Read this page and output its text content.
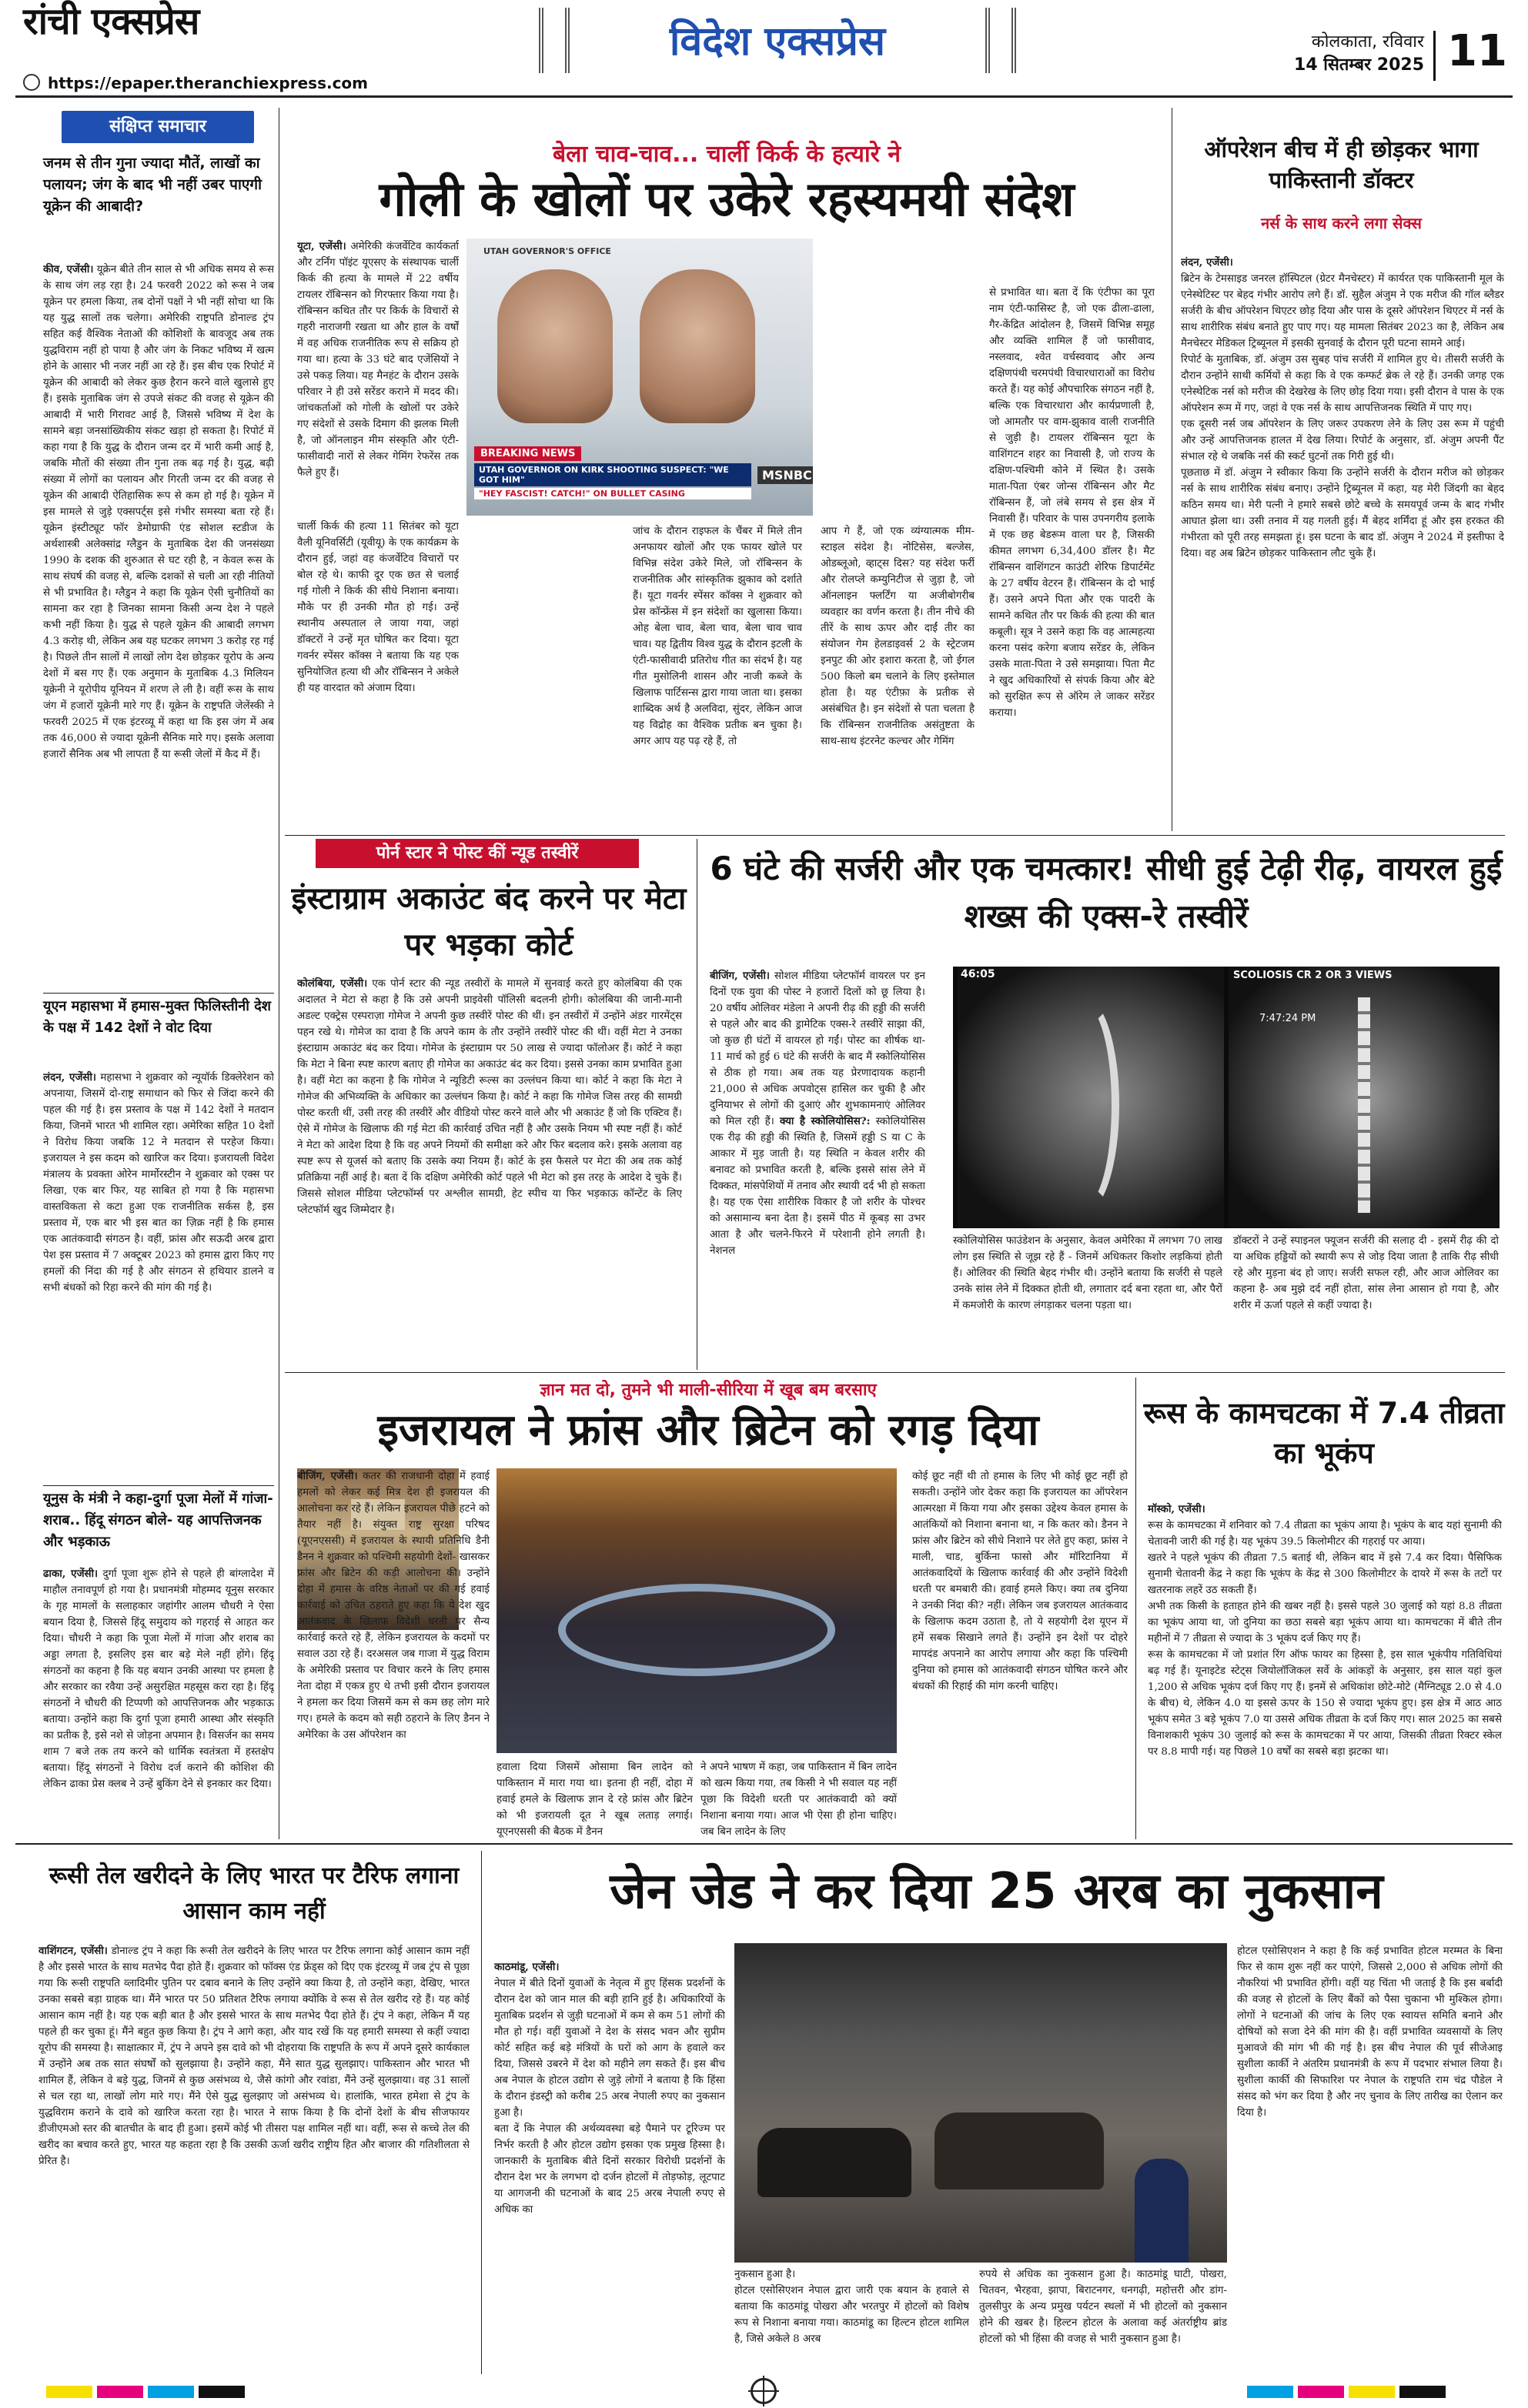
रांची एक्सप्रेस
https://epaper.theranchiexpress.com
विदेश एक्सप्रेस	कोलकाता, रविवार
14 सितम्बर 2025 11
संक्षिप्त समाचार
जनम से तीन गुना ज्यादा मौतें, लाखों का पलायन; जंग के बाद भी नहीं उबर पाएगी यूक्रेन की आबादी?
कीव, एजेंसी। यूक्रेन बीते तीन साल से भी अधिक समय से रूस के साथ जंग लड़ रहा है। 24 फरवरी 2022 को रूस ने जब यूक्रेन पर हमला किया, तब दोनों पक्षों ने भी नहीं सोचा था कि यह युद्ध सालों तक चलेगा। अमेरिकी राष्ट्रपति डोनाल्ड ट्रंप सहित कई वैश्विक नेताओं की कोशिशों के बावजूद अब तक युद्धविराम नहीं हो पाया है और जंग के निकट भविष्य में खत्म होने के आसार भी नजर नहीं आ रहे हैं। इस बीच एक रिपोर्ट में यूक्रेन की आबादी को लेकर कुछ हैरान करने वाले खुलासे हुए हैं। इसके मुताबिक जंग से उपजे संकट की वजह से यूक्रेन की आबादी में भारी गिरावट आई है, जिससे भविष्य में देश के सामने बड़ा जनसांख्यिकीय संकट खड़ा हो सकता है। रिपोर्ट में कहा गया है कि युद्ध के दौरान जन्म दर में भारी कमी आई है, जबकि मौतों की संख्या तीन गुना तक बढ़ गई है। युद्ध, बढ़ी संख्या में लोगों का पलायन और गिरती जन्म दर की वजह से यूक्रेन की आबादी ऐतिहासिक रूप से कम हो गई है। यूक्रेन में इस मामले से जुड़े एक्सपर्ट्स इसे गंभीर समस्या बता रहे हैं। यूक्रेन इंस्टीट्यूट फॉर डेमोग्राफी एंड सोशल स्टडीज के अर्थशास्त्री अलेक्सांद्र ग्लैडुन के मुताबिक देश की जनसंख्या 1990 के दशक की शुरुआत से घट रही है, न केवल रूस के साथ संघर्ष की वजह से, बल्कि दशकों से चली आ रही नीतियों से भी प्रभावित है। ग्लैडुन ने कहा कि यूक्रेन ऐसी चुनौतियों का सामना कर रहा है जिनका सामना किसी अन्य देश ने पहले कभी नहीं किया है। युद्ध से पहले यूक्रेन की आबादी लगभग 4.3 करोड़ थी, लेकिन अब यह घटकर लगभग 3 करोड़ रह गई है। पिछले तीन सालों में लाखों लोग देश छोड़कर यूरोप के अन्य देशों में बस गए हैं। एक अनुमान के मुताबिक 4.3 मिलियन यूक्रेनी ने यूरोपीय यूनियन में शरण ले ली है। वहीं रूस के साथ जंग में हजारों यूक्रेनी मारे गए हैं। यूक्रेन के राष्ट्रपति जेलेंस्की ने फरवरी 2025 में एक इंटरव्यू में कहा था कि इस जंग में अब तक 46,000 से ज्यादा यूक्रेनी सैनिक मारे गए। इसके अलावा हजारों सैनिक अब भी लापता हैं या रूसी जेलों में कैद में हैं।
यूएन महासभा में हमास-मुक्त फिलिस्तीनी देश के पक्ष में 142 देशों ने वोट दिया
लंदन, एजेंसी। महासभा ने शुक्रवार को न्यूयॉर्क डिक्लेरेशन को अपनाया, जिसमें दो-राष्ट्र समाधान को फिर से जिंदा करने की पहल की गई है। इस प्रस्ताव के पक्ष में 142 देशों ने मतदान किया, जिनमें भारत भी शामिल रहा। अमेरिका सहित 10 देशों ने विरोध किया जबकि 12 ने मतदान से परहेज किया। इजरायल ने इस कदम को खारिज कर दिया। इजरायली विदेश मंत्रालय के प्रवक्ता ओरेन मार्मोरस्टीन ने शुक्रवार को एक्स पर लिखा, एक बार फिर, यह साबित हो गया है कि महासभा वास्तविकता से कटा हुआ एक राजनीतिक सर्कस है, इस प्रस्ताव में, एक बार भी इस बात का ज़िक्र नहीं है कि हमास एक आतंकवादी संगठन है। वहीं, फ्रांस और सऊदी अरब द्वारा पेश इस प्रस्ताव में 7 अक्टूबर 2023 को हमास द्वारा किए गए हमलों की निंदा की गई है और संगठन से हथियार डालने व सभी बंधकों को रिहा करने की मांग की गई है।
यूनुस के मंत्री ने कहा-दुर्गा पूजा मेलों में गांजा-शराब.. हिंदू संगठन बोले- यह आपत्तिजनक और भड़काऊ
ढाका, एजेंसी। दुर्गा पूजा शुरू होने से पहले ही बांग्लादेश में माहौल तनावपूर्ण हो गया है। प्रधानमंत्री मोहम्मद यूनुस सरकार के गृह मामलों के सलाहकार जहांगीर आलम चौधरी ने ऐसा बयान दिया है, जिससे हिंदू समुदाय को गहराई से आहत कर दिया। चौधरी ने कहा कि पूजा मेलों में गांजा और शराब का अड्डा लगता है, इसलिए इस बार बड़े मेले नहीं होंगे। हिंदू संगठनों का कहना है कि यह बयान उनकी आस्था पर हमला है और सरकार का रवैया उन्हें असुरक्षित महसूस करा रहा है। हिंदू संगठनों ने चौधरी की टिप्पणी को आपत्तिजनक और भड़काऊ बताया। उन्होंने कहा कि दुर्गा पूजा हमारी आस्था और संस्कृति का प्रतीक है, इसे नशे से जोड़ना अपमान है। विसर्जन का समय शाम 7 बजे तक तय करने को धार्मिक स्वतंत्रता में हस्तक्षेप बताया। हिंदू संगठनों ने विरोध दर्ज कराने की कोशिश की लेकिन ढाका प्रेस क्लब ने उन्हें बुकिंग देने से इनकार कर दिया।
बेला चाव-चाव... चार्ली किर्क के हत्यारे ने
गोली के खोलों पर उकेरे रहस्यमयी संदेश
यूटा, एजेंसी। अमेरिकी कंजर्वेटिव कार्यकर्ता और टर्निंग पॉइंट यूएसए के संस्थापक चार्ली किर्क की हत्या के मामले में 22 वर्षीय टायलर रॉबिन्सन को गिरफ्तार किया गया है। रॉबिन्सन कथित तौर पर किर्क के विचारों से गहरी नाराजगी रखता था और हाल के वर्षों में वह अधिक राजनीतिक रूप से सक्रिय हो गया था। हत्या के 33 घंटे बाद एजेंसियों ने उसे पकड़ लिया। यह मैनहंट के दौरान उसके परिवार ने ही उसे सरेंडर कराने में मदद की। जांचकर्ताओं को गोली के खोलों पर उकेरे गए संदेशों से उसके दिमाग की झलक मिली है, जो ऑनलाइन मीम संस्कृति और एंटी-फासीवादी नारों से लेकर गेमिंग रेफरेंस तक फैले हुए हैं।
चार्ली किर्क की हत्या 11 सितंबर को यूटा वैली यूनिवर्सिटी (यूवीयू) के एक कार्यक्रम के दौरान हुई, जहां वह कंजर्वेटिव विचारों पर बोल रहे थे। काफी दूर एक छत से चलाई गई गोली ने किर्क की सीधे निशाना बनाया। मौके पर ही उनकी मौत हो गई। उन्हें स्थानीय अस्पताल ले जाया गया, जहां डॉक्टरों ने उन्हें मृत घोषित कर दिया। यूटा गवर्नर स्पेंसर कॉक्स ने बताया कि यह एक सुनियोजित हत्या थी और रॉबिन्सन ने अकेले ही यह वारदात को अंजाम दिया।
UTAH GOVERNOR'S OFFICE
BREAKING NEWS
UTAH GOVERNOR ON KIRK SHOOTING SUSPECT: "WE GOT HIM"
"HEY FASCIST! CATCH!" ON BULLET CASING
MSNBC
जांच के दौरान राइफल के चैंबर में मिले तीन अनफायर खोलों और एक फायर खोले पर विभिन्न संदेश उकेरे मिले, जो रॉबिन्सन के राजनीतिक और सांस्कृतिक झुकाव को दर्शाते हैं। यूटा गवर्नर स्पेंसर कॉक्स ने शुक्रवार को प्रेस कॉन्फ्रेंस में इन संदेशों का खुलासा किया। ओह बेला चाव, बेला चाव, बेला चाव चाव चाव। यह द्वितीय विश्व युद्ध के दौरान इटली के एंटी-फासीवादी प्रतिरोध गीत का संदर्भ है। यह गीत मुसोलिनी शासन और नाजी कब्जे के खिलाफ पार्टिसन्स द्वारा गाया जाता था। इसका शाब्दिक अर्थ है अलविदा, सुंदर, लेकिन आज यह विद्रोह का वैश्विक प्रतीक बन चुका है। अगर आप यह पढ़ रहे हैं, तो
आप गे हैं, जो एक व्यंग्यात्मक मीम-स्टाइल संदेश है। नोटिसेस, बल्जेस, ओडब्लूओ, व्हाट्स दिस? यह संदेश फर्री और रोलप्ले कम्युनिटीज से जुड़ा है, जो ऑनलाइन फ्लर्टिंग या अजीबोगरीब व्यवहार का वर्णन करता है। तीन नीचे की तीरें के साथ ऊपर और दाईं तीर का संयोजन गेम हेलडाइवर्स 2 के स्ट्रेटजम इनपुट की ओर इशारा करता है, जो ईगल 500 किलो बम चलाने के लिए इस्तेमाल होता है। यह एंटीफ़ा के प्रतीक से असंबंधित है। इन संदेशों से पता चलता है कि रॉबिन्सन राजनीतिक असंतुष्टता के साथ-साथ इंटरनेट कल्चर और गेमिंग
से प्रभावित था। बता दें कि एंटीफा का पूरा नाम एंटी-फासिस्ट है, जो एक ढीला-ढाला, गैर-केंद्रित आंदोलन है, जिसमें विभिन्न समूह और व्यक्ति शामिल हैं जो फासीवाद, नस्लवाद, श्वेत वर्चस्ववाद और अन्य दक्षिणपंथी चरमपंथी विचारधाराओं का विरोध करते हैं। यह कोई औपचारिक संगठन नहीं है, बल्कि एक विचारधारा और कार्यप्रणाली है, जो आमतौर पर वाम-झुकाव वाली राजनीति से जुड़ी है। टायलर रॉबिन्सन यूटा के वाशिंगटन शहर का निवासी है, जो राज्य के दक्षिण-पश्चिमी कोने में स्थित है। उसके माता-पिता एंबर जोन्स रॉबिन्सन और मैट रॉबिन्सन हैं, जो लंबे समय से इस क्षेत्र में निवासी हैं। परिवार के पास उपनगरीय इलाके में एक छह बेडरूम वाला घर है, जिसकी कीमत लगभग 6,34,400 डॉलर है। मैट रॉबिन्सन वाशिंगटन काउंटी शेरिफ डिपार्टमेंट के 27 वर्षीय वेटरन हैं। रॉबिन्सन के दो भाई हैं। उसने अपने पिता और एक पादरी के सामने कथित तौर पर किर्क की हत्या की बात कबूली। सूत्र ने उसने कहा कि वह आत्महत्या करना पसंद करेगा बजाय सरेंडर के, लेकिन उसके माता-पिता ने उसे समझाया। पिता मैट ने खुद अधिकारियों से संपर्क किया और बेटे को सुरक्षित रूप से ऑरेम ले जाकर सरेंडर कराया।
ऑपरेशन बीच में ही छोड़कर भागा पाकिस्तानी डॉक्टर
नर्स के साथ करने लगा सेक्स

लंदन, एजेंसी।
ब्रिटेन के टेमसाइड जनरल हॉस्पिटल (ग्रेटर मैनचेस्टर) में कार्यरत एक पाकिस्तानी मूल के एनेस्थेटिस्ट पर बेहद गंभीर आरोप लगे हैं। डॉ. सुहैल अंजुम ने एक मरीज की गॉल ब्लैडर सर्जरी के बीच ऑपरेशन थिएटर छोड़ दिया और पास के दूसरे ऑपरेशन थिएटर में नर्स के साथ शारीरिक संबंध बनाते हुए पाए गए। यह मामला सितंबर 2023 का है, लेकिन अब मैनचेस्टर मेडिकल ट्रिब्यूनल में इसकी सुनवाई के दौरान पूरी घटना सामने आई।
रिपोर्ट के मुताबिक, डॉ. अंजुम उस सुबह पांच सर्जरी में शामिल हुए थे। तीसरी सर्जरी के दौरान उन्होंने साथी कर्मियों से कहा कि वे एक कम्फर्ट ब्रेक ले रहे हैं। उनकी जगह एक एनेस्थेटिक नर्स को मरीज की देखरेख के लिए छोड़ दिया गया। इसी दौरान वे पास के एक ऑपरेशन रूम में गए, जहां वे एक नर्स के साथ आपत्तिजनक स्थिति में पाए गए।
एक दूसरी नर्स जब ऑपरेशन के लिए जरूर उपकरण लेने के लिए उस रूम में पहुंची और उन्हें आपत्तिजनक हालत में देख लिया। रिपोर्ट के अनुसार, डॉ. अंजुम अपनी पैंट संभाल रहे थे जबकि नर्स की स्कर्ट घुटनों तक गिरी हुई थी।
पूछताछ में डॉ. अंजुम ने स्वीकार किया कि उन्होंने सर्जरी के दौरान मरीज को छोड़कर नर्स के साथ शारीरिक संबंध बनाए। उन्होंने ट्रिब्यूनल में कहा, यह मेरी जिंदगी का बेहद कठिन समय था। मेरी पत्नी ने हमारे सबसे छोटे बच्चे के समयपूर्व जन्म के बाद गंभीर आघात झेला था। उसी तनाव में यह गलती हुई। मैं बेहद शर्मिंदा हूं और इस हरकत की गंभीरता को पूरी तरह समझता हूं। इस घटना के बाद डॉ. अंजुम ने 2024 में इस्तीफा दे दिया। वह अब ब्रिटेन छोड़कर पाकिस्तान लौट चुके हैं।

पोर्न स्टार ने पोस्ट कीं न्यूड तस्वीरें
इंस्टाग्राम अकाउंट बंद करने पर मेटा पर भड़का कोर्ट
कोलंबिया, एजेंसी। एक पोर्न स्टार की न्यूड तस्वीरों के मामले में सुनवाई करते हुए कोलंबिया की एक अदालत ने मेटा से कहा है कि उसे अपनी प्राइवेसी पॉलिसी बदलनी होगी। कोलंबिया की जानी-मानी अडल्ट एक्ट्रेस एस्पराज़ा गोमेज ने अपनी कुछ तस्वीरें पोस्ट की थीं। इन तस्वीरों में उन्होंने अंडर गारमेंट्स पहन रखे थे। गोमेज का दावा है कि अपने काम के तौर उन्होंने तस्वीरें पोस्ट की थीं। वहीं मेटा ने उनका इंस्टाग्राम अकाउंट बंद कर दिया। गोमेज के इंस्टाग्राम पर 50 लाख से ज्यादा फॉलोअर हैं। कोर्ट ने कहा कि मेटा ने बिना स्पष्ट कारण बताए ही गोमेज का अकाउंट बंद कर दिया। इससे उनका काम प्रभावित हुआ है। वहीं मेटा का कहना है कि गोमेज ने न्यूडिटी रूल्स का उल्लंघन किया था। कोर्ट ने कहा कि मेटा ने गोमेज की अभिव्यक्ति के अधिकार का उल्लंघन किया है। कोर्ट ने कहा कि गोमेज जिस तरह की सामग्री पोस्ट करती थीं, उसी तरह की तस्वीरें और वीडियो पोस्ट करने वाले और भी अकाउंट हैं जो कि एक्टिव हैं। ऐसे में गोमेज के खिलाफ की गई मेटा की कार्रवाई उचित नहीं है और उसके नियम भी स्पष्ट नहीं हैं। कोर्ट ने मेटा को आदेश दिया है कि वह अपने नियमों की समीक्षा करे और फिर बदलाव करे। इसके अलावा वह स्पष्ट रूप से यूजर्स को बताए कि उसके क्या नियम हैं। कोर्ट के इस फैसले पर मेटा की अब तक कोई प्रतिक्रिया नहीं आई है। बता दें कि दक्षिण अमेरिकी कोर्ट पहले भी मेटा को इस तरह के आदेश दे चुके हैं। जिससे सोशल मीडिया प्लेटफॉर्म्स पर अश्लील सामग्री, हेट स्पीच या फिर भड़काऊ कॉन्टेंट के लिए प्लेटफॉर्म खुद जिम्मेदार है।
6 घंटे की सर्जरी और एक चमत्कार! सीधी हुई टेढ़ी रीढ़, वायरल हुई शख्स की एक्स-रे तस्वीरें
बीजिंग, एजेंसी। सोशल मीडिया प्लेटफॉर्म वायरल पर इन दिनों एक युवा की पोस्ट ने हजारों दिलों को छू लिया है। 20 वर्षीय ओलिवर मंडेला ने अपनी रीढ़ की हड्डी की सर्जरी से पहले और बाद की ड्रामेटिक एक्स-रे तस्वीरें साझा कीं, जो कुछ ही घंटों में वायरल हो गईं। पोस्ट का शीर्षक था- 11 मार्च को हुई 6 घंटे की सर्जरी के बाद मैं स्कोलियोसिस से ठीक हो गया। अब तक यह प्रेरणादायक कहानी 21,000 से अधिक अपवोट्स हासिल कर चुकी है और दुनियाभर से लोगों की दुआएं और शुभकामनाएं ओलिवर को मिल रही हैं। क्या है स्कोलियोसिस?: स्कोलियोसिस एक रीढ़ की हड्डी की स्थिति है, जिसमें हड्डी S या C के आकार में मुड़ जाती है। यह स्थिति न केवल शरीर की बनावट को प्रभावित करती है, बल्कि इससे सांस लेने में दिक्कत, मांसपेशियों में तनाव और स्थायी दर्द भी हो सकता है। यह एक ऐसा शारीरिक विकार है जो शरीर के पोश्चर को असामान्य बना देता है। इसमें पीठ में कूबड़ सा उभर आता है और चलने-फिरने में परेशानी होने लगती है। नेशनल
46:05	SCOLIOSIS CR 2 OR 3 VIEWS
7:47:24 PM
स्कोलियोसिस फाउंडेशन के अनुसार, केवल अमेरिका में लगभग 70 लाख लोग इस स्थिति से जूझ रहे हैं - जिनमें अधिकतर किशोर लड़कियां होती हैं। ओलिवर की स्थिति बेहद गंभीर थी। उन्होंने बताया कि सर्जरी से पहले उनके सांस लेने में दिक्कत होती थी, लगातार दर्द बना रहता था, और पैरों में कमजोरी के कारण लंगड़ाकर चलना पड़ता था।
डॉक्टरों ने उन्हें स्पाइनल फ्यूजन सर्जरी की सलाह दी - इसमें रीढ़ की दो या अधिक हड्डियों को स्थायी रूप से जोड़ दिया जाता है ताकि रीढ़ सीधी रहे और मुड़ना बंद हो जाए। सर्जरी सफल रही, और आज ओलिवर का कहना है- अब मुझे दर्द नहीं होता, सांस लेना आसान हो गया है, और शरीर में ऊर्जा पहले से कहीं ज्यादा है।
ज्ञान मत दो, तुमने भी माली-सीरिया में खूब बम बरसाए
इजरायल ने फ्रांस और ब्रिटेन को रगड़ दिया
बीजिंग, एजेंसी। कतर की राजधानी दोहा में हवाई हमलों को लेकर कई मित्र देश ही इजरायल की आलोचना कर रहे हैं। लेकिन इजरायल पीछे हटने को तैयार नहीं है। संयुक्त राष्ट्र सुरक्षा परिषद (यूएनएससी) में इजरायल के स्थायी प्रतिनिधि डैनी डैनन ने शुक्रवार को पश्चिमी सहयोगी देशों- खासकर फ्रांस और ब्रिटेन की कड़ी आलोचना की। उन्होंने दोहा में हमास के वरिष्ठ नेताओं पर की गई हवाई कार्रवाई को उचित ठहराते हुए कहा कि ये देश खुद आतंकवाद के खिलाफ विदेशी धरती पर सैन्य कार्रवाई करते रहे हैं, लेकिन इजरायल के कदमों पर सवाल उठा रहे हैं। दरअसल जब गाजा में युद्ध विराम के अमेरिकी प्रस्ताव पर विचार करने के लिए हमास नेता दोहा में एकत्र हुए थे तभी इसी दौरान इजरायल ने हमला कर दिया जिसमें कम से कम छह लोग मारे गए। हमले के कदम को सही ठहराने के लिए डैनन ने अमेरिका के उस ऑपरेशन का
हवाला दिया जिसमें ओसामा बिन लादेन को पाकिस्तान में मारा गया था। इतना ही नहीं, दोहा में हवाई हमले के खिलाफ ज्ञान दे रहे फ्रांस और ब्रिटेन को भी इजरायली दूत ने खूब लताड़ लगाई। यूएनएससी की बैठक में डैनन
ने अपने भाषण में कहा, जब पाकिस्तान में बिन लादेन को खत्म किया गया, तब किसी ने भी सवाल यह नहीं पूछा कि विदेशी धरती पर आतंकवादी को क्यों निशाना बनाया गया। आज भी ऐसा ही होना चाहिए। जब बिन लादेन के लिए
कोई छूट नहीं थी तो हमास के लिए भी कोई छूट नहीं हो सकती। उन्होंने जोर देकर कहा कि इजरायल का ऑपरेशन आत्मरक्षा में किया गया और इसका उद्देश्य केवल हमास के आतंकियों को निशाना बनाना था, न कि कतर को। डैनन ने फ्रांस और ब्रिटेन को सीधे निशाने पर लेते हुए कहा, फ्रांस ने माली, चाड, बुर्किना फासो और मॉरिटानिया में आतंकवादियों के खिलाफ कार्रवाई की और उन्होंने विदेशी धरती पर बमबारी की। हवाई हमले किए। क्या तब दुनिया ने उनकी निंदा की? नहीं। लेकिन जब इजरायल आतंकवाद के खिलाफ कदम उठाता है, तो ये सहयोगी देश यूएन में हमें सबक सिखाने लगते हैं। उन्होंने इन देशों पर दोहरे मापदंड अपनाने का आरोप लगाया और कहा कि पश्चिमी दुनिया को हमास को आतंकवादी संगठन घोषित करने और बंधकों की रिहाई की मांग करनी चाहिए।
रूस के कामचटका में 7.4 तीव्रता का भूकंप

मॉस्को, एजेंसी।
रूस के कामचटका में शनिवार को 7.4 तीव्रता का भूकंप आया है। भूकंप के बाद यहां सुनामी की चेतावनी जारी की गई है। यह भूकंप 39.5 किलोमीटर की गहराई पर आया।
खतरे ने पहले भूकंप की तीव्रता 7.5 बताई थी, लेकिन बाद में इसे 7.4 कर दिया। पैसिफिक सुनामी चेतावनी केंद्र ने कहा कि भूकंप के केंद्र से 300 किलोमीटर के दायरे में रूस के तटों पर खतरनाक लहरें उठ सकती हैं।
अभी तक किसी के हताहत होने की खबर नहीं है। इससे पहले 30 जुलाई को यहां 8.8 तीव्रता का भूकंप आया था, जो दुनिया का छठा सबसे बड़ा भूकंप आया था। कामचटका में बीते तीन महीनों में 7 तीव्रता से ज्यादा के 3 भूकंप दर्ज किए गए हैं।
रूस के कामचटका में जो प्रशांत रिंग ऑफ फायर का हिस्सा है, इस साल भूकंपीय गतिविधियां बढ़ गई हैं। यूनाइटेड स्टेट्स जियोलॉजिकल सर्वे के आंकड़ों के अनुसार, इस साल यहां कुल 1,200 से अधिक भूकंप दर्ज किए गए हैं। इनमें से अधिकांश छोटे-मोटे (मैग्निट्यूड 2.0 से 4.0 के बीच) थे, लेकिन 4.0 या इससे ऊपर के 150 से ज्यादा भूकंप हुए। इस क्षेत्र में आठ आठ भूकंप समेत 3 बड़े भूकंप 7.0 या उससे अधिक तीव्रता के दर्ज किए गए। साल 2025 का सबसे विनाशकारी भूकंप 30 जुलाई को रूस के कामचटका में पर आया, जिसकी तीव्रता रिक्टर स्केल पर 8.8 मापी गई। यह पिछले 10 वर्षों का सबसे बड़ा झटका था।

रूसी तेल खरीदने के लिए भारत पर टैरिफ लगाना आसान काम नहीं
वाशिंगटन, एजेंसी। डोनाल्ड ट्रंप ने कहा कि रूसी तेल खरीदने के लिए भारत पर टैरिफ लगाना कोई आसान काम नहीं है और इससे भारत के साथ मतभेद पैदा होते हैं। शुक्रवार को फॉक्स एंड फ्रेंड्स को दिए एक इंटरव्यू में जब ट्रंप से पूछा गया कि रूसी राष्ट्रपति व्लादिमीर पुतिन पर दबाव बनाने के लिए उन्होंने क्या किया है, तो उन्होंने कहा, देखिए, भारत उनका सबसे बड़ा ग्राहक था। मैंने भारत पर 50 प्रतिशत टैरिफ लगाया क्योंकि वे रूस से तेल खरीद रहे हैं। यह कोई आसान काम नहीं है। यह एक बड़ी बात है और इससे भारत के साथ मतभेद पैदा होते हैं। ट्रंप ने कहा, लेकिन मैं यह पहले ही कर चुका हूं। मैंने बहुत कुछ किया है। ट्रंप ने आगे कहा, और याद रखें कि यह हमारी समस्या से कहीं ज्यादा यूरोप की समस्या है। साक्षात्कार में, ट्रंप ने अपने इस दावे को भी दोहराया कि राष्ट्रपति के रूप में अपने दूसरे कार्यकाल में उन्होंने अब तक सात संघर्षों को सुलझाया है। उन्होंने कहा, मैंने सात युद्ध सुलझाए। पाकिस्तान और भारत भी शामिल हैं, लेकिन वे बड़े युद्ध, जिनमें से कुछ असंभव्य थे, जैसे कांगो और रवांडा, मैंने उन्हें सुलझाया। वह 31 सालों से चल रहा था, लाखों लोग मारे गए। मैंने ऐसे युद्ध सुलझाए जो असंभव्य थे। हालांकि, भारत हमेशा से ट्रंप के युद्धविराम कराने के दावे को खारिज करता रहा है। भारत ने साफ किया है कि दोनों देशों के बीच सीजफायर डीजीएमओ स्तर की बातचीत के बाद ही हुआ। इसमें कोई भी तीसरा पक्ष शामिल नहीं था। वहीं, रूस से कच्चे तेल की खरीद का बचाव करते हुए, भारत यह कहता रहा है कि उसकी ऊर्जा खरीद राष्ट्रीय हित और बाजार की गतिशीलता से प्रेरित है।
जेन जेड ने कर दिया 25 अरब का नुकसान

काठमांडू, एजेंसी।
नेपाल में बीते दिनों युवाओं के नेतृत्व में हुए हिंसक प्रदर्शनों के दौरान देश को जान माल की बड़ी हानि हुई है। अधिकारियों के मुताबिक प्रदर्शन से जुड़ी घटनाओं में कम से कम 51 लोगों की मौत हो गई। वहीं युवाओं ने देश के संसद भवन और सुप्रीम कोर्ट सहित कई बड़े मंत्रियों के घरों को आग के हवाले कर दिया, जिससे उबरने में देश को महीने लग सकते हैं। इस बीच अब नेपाल के होटल उद्योग से जुड़े लोगों ने बताया है कि हिंसा के दौरान इंडस्ट्री को करीब 25 अरब नेपाली रुपए का नुकसान हुआ है।
बता दें कि नेपाल की अर्थव्यवस्था बड़े पैमाने पर टूरिज्म पर निर्भर करती है और होटल उद्योग इसका एक प्रमुख हिस्सा है। जानकारी के मुताबिक बीते दिनों सरकार विरोधी प्रदर्शनों के दौरान देश भर के लगभग दो दर्जन होटलों में तोड़फोड़, लूटपाट या आगजनी की घटनाओं के बाद 25 अरब नेपाली रुपए से अधिक का

नुकसान हुआ है।
होटल एसोसिएशन नेपाल द्वारा जारी एक बयान के हवाले से बताया कि काठमांडू पोखरा और भरतपुर में होटलों को विशेष रूप से निशाना बनाया गया। काठमांडू का हिल्टन होटल शामिल है, जिसे अकेले 8 अरब
रुपये से अधिक का नुकसान हुआ है। काठमांडू घाटी, पोखरा, चितवन, भैरहवा, झापा, बिराटनगर, धनगढ़ी, महोत्तरी और डांग-तुलसीपुर के अन्य प्रमुख पर्यटन स्थलों में भी होटलों को नुकसान होने की खबर है। हिल्टन होटल के अलावा कई अंतर्राष्ट्रीय ब्रांड होटलों को भी हिंसा की वजह से भारी नुकसान हुआ है।
होटल एसोसिएशन ने कहा है कि कई प्रभावित होटल मरम्मत के बिना फिर से काम शुरू नहीं कर पाएंगे, जिससे 2,000 से अधिक लोगों की नौकरियां भी प्रभावित होंगी। वहीं यह चिंता भी जताई है कि इस बर्बादी की वजह से होटलों के लिए बैंकों को पैसा चुकाना भी मुश्किल होगा। लोगों ने घटनाओं की जांच के लिए एक स्वायत्त समिति बनाने और दोषियों को सजा देने की मांग की है। वहीं प्रभावित व्यवसायों के लिए मुआवजे की मांग भी की गई है। इस बीच नेपाल की पूर्व सीजेआइ सुशीला कार्की ने अंतरिम प्रधानमंत्री के रूप में पदभार संभाल लिया है। सुशीला कार्की की सिफारिश पर नेपाल के राष्ट्रपति राम चंद्र पौडेल ने संसद को भंग कर दिया है और नए चुनाव के लिए तारीख का ऐलान कर दिया है।
